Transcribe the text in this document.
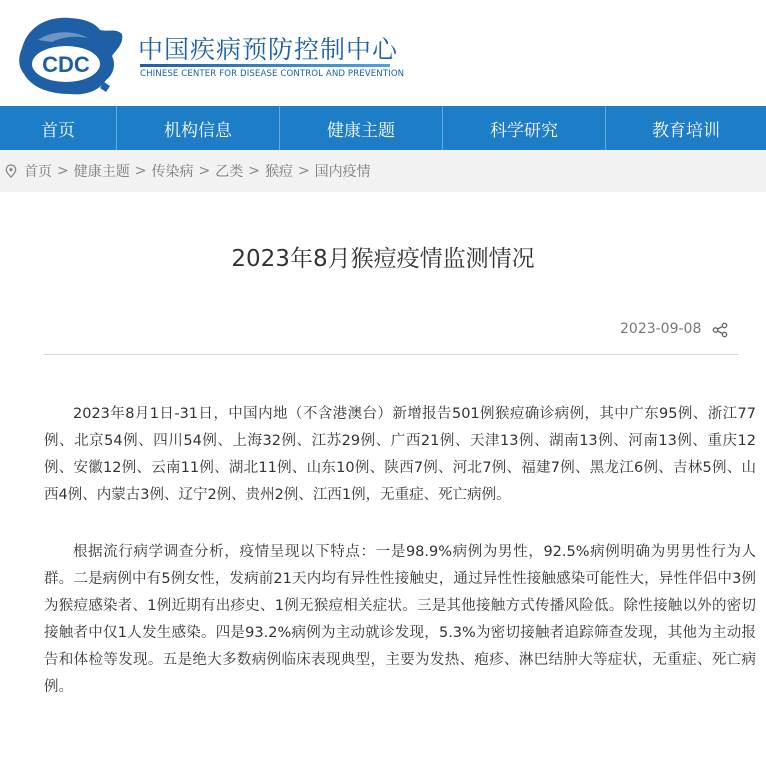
CDC
中国疾病预防控制中心
CHINESE CENTER FOR DISEASE CONTROL AND PREVENTION
首页	机构信息	健康主题	科学研究	教育培训
首页 > 健康主题 > 传染病 > 乙类 > 猴痘 > 国内疫情
2023年8月猴痘疫情监测情况
2023-09-08

2023年8月1日-31日，中国内地（不含港澳台）新增报告501例猴痘确诊病例，其中广东95例、浙江77例、北京54例、四川54例、上海32例、江苏29例、广西21例、天津13例、湖南13例、河南13例、重庆12例、安徽12例、云南11例、湖北11例、山东10例、陕西7例、河北7例、福建7例、黑龙江6例、吉林5例、山西4例、内蒙古3例、辽宁2例、贵州2例、江西1例，无重症、死亡病例。

根据流行病学调查分析，疫情呈现以下特点：一是98.9%病例为男性，92.5%病例明确为男男性行为人群。二是病例中有5例女性，发病前21天内均有异性性接触史，通过异性性接触感染可能性大，异性伴侣中3例为猴痘感染者、1例近期有出疹史、1例无猴痘相关症状。三是其他接触方式传播风险低。除性接触以外的密切接触者中仅1人发生感染。四是93.2%病例为主动就诊发现，5.3%为密切接触者追踪筛查发现，其他为主动报告和体检等发现。五是绝大多数病例临床表现典型，主要为发热、疱疹、淋巴结肿大等症状，无重症、死亡病例。
